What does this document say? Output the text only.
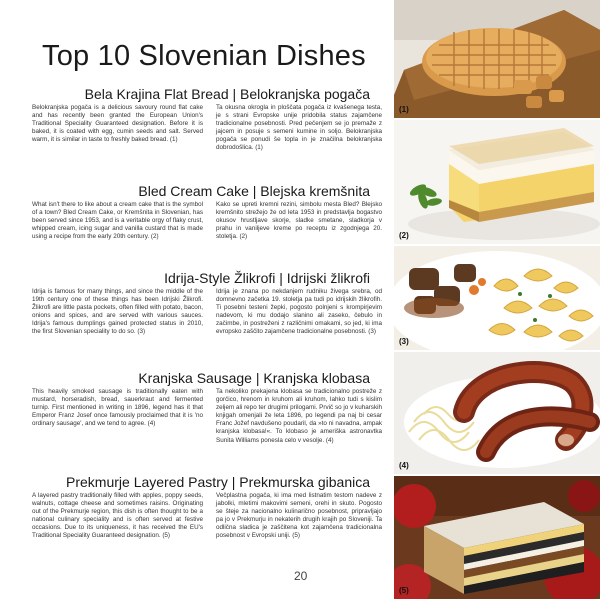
Top 10 Slovenian Dishes
Bela Krajina Flat Bread | Belokranjska pogača
Belokranjska pogača is a delicious savoury round flat cake and has recently been granted the European Union's Traditional Speciality Guaranteed designation. Before it is baked, it is coated with egg, cumin seeds and salt. Served warm, it is similar in taste to freshly baked bread. (1)
Ta okusna okrogla in ploščata pogača iz kvašenega testa, je s strani Evropske unije pridobila status zajamčene tradicionalne posebnosti. Pred pečenjem se jo premaže z jajcem in posuje s semeni kumine in soljo. Belokranjska pogača se ponudi še topla in je značilna belokranjska dobrodošlica. (1)
Bled Cream Cake | Blejska kremšnita
What isn't there to like about a cream cake that is the symbol of a town? Bled Cream Cake, or Kremšnita in Slovenian, has been served since 1953, and is a veritable orgy of flaky crust, whipped cream, icing sugar and vanilla custard that is made using a recipe from the early 20th century. (2)
Kako se upreti kremni rezini, simbolu mesta Bled? Blejsko kremšnito strežejo že od leta 1953 in predstavlja bogastvo okusov hrustljave skorje, sladke smetane, sladkorja v prahu in vaniljeve kreme po receptu iz zgodnjega 20. stoletja. (2)
Idrija-Style Žlikrofi | Idrijski žlikrofi
Idrija is famous for many things, and since the middle of the 19th century one of these things has been Idrijski Žlikrofi. Žlikrofi are little pasta pockets, often filled with potato, bacon, onions and spices, and are served with various sauces. Idrija's famous dumplings gained protected status in 2010, the first Slovenian speciality to do so. (3)
Idrija je znana po nekdanjem rudniku živega srebra, od domnevno začetka 19. stoletja pa tudi po idrijskih žlikrofih. Ti posebni testeni žepki, pogosto polnjeni s krompirjevim nadevom, ki mu dodajo slanino ali zaseko, čebulo in začimbe, in postreženi z različnimi omakami, so jed, ki ima evropsko zaščito zajamčene tradicionalne posebnosti. (3)
Kranjska Sausage | Kranjska klobasa
This heavily smoked sausage is traditionally eaten with mustard, horseradish, bread, sauerkraut and fermented turnip. First mentioned in writing in 1896, legend has it that Emperor Franz Josef once famously proclaimed that it is 'no ordinary sausage', and we tend to agree. (4)
Ta nekoliko prekajena klobasa se tradicionalno postreže z gorčico, hrenom in kruhom ali kruhom, lahko tudi s kislim zeljem ali repo ter drugimi prilogami. Prvič so jo v kuharskih knjigah omenjali že leta 1896, po legendi pa naj bi cesar Franc Jožef navdušeno poudaril, da »to ni navadna, ampak kranjska klobasa!«. To klobaso je ameriška astronavtka Sunita Williams ponesla celo v vesolje. (4)
Prekmurje Layered Pastry | Prekmurska gibanica
A layered pastry traditionally filled with apples, poppy seeds, walnuts, cottage cheese and sometimes raisins. Originating out of the Prekmurje region, this dish is often thought to be a national culinary speciality and is often served at festive occasions. Due to its uniqueness, it has received the EU's Traditional Speciality Guaranteed designation. (5)
Večplastna pogača, ki ima med listnatim testom nadeve z jabolki, mletimi makovimi semeni, orehi in skuto. Pogosto se šteje za nacionalno kulinarično posebnost, pripravljajo pa jo v Prekmurju in nekaterih drugih krajih po Sloveniji. Ta odlična sladica je zaščitena kot zajamčena tradicionalna posebnost v Evropski uniji. (5)
20
(1)
(2)
(3)
(4)
(5)
